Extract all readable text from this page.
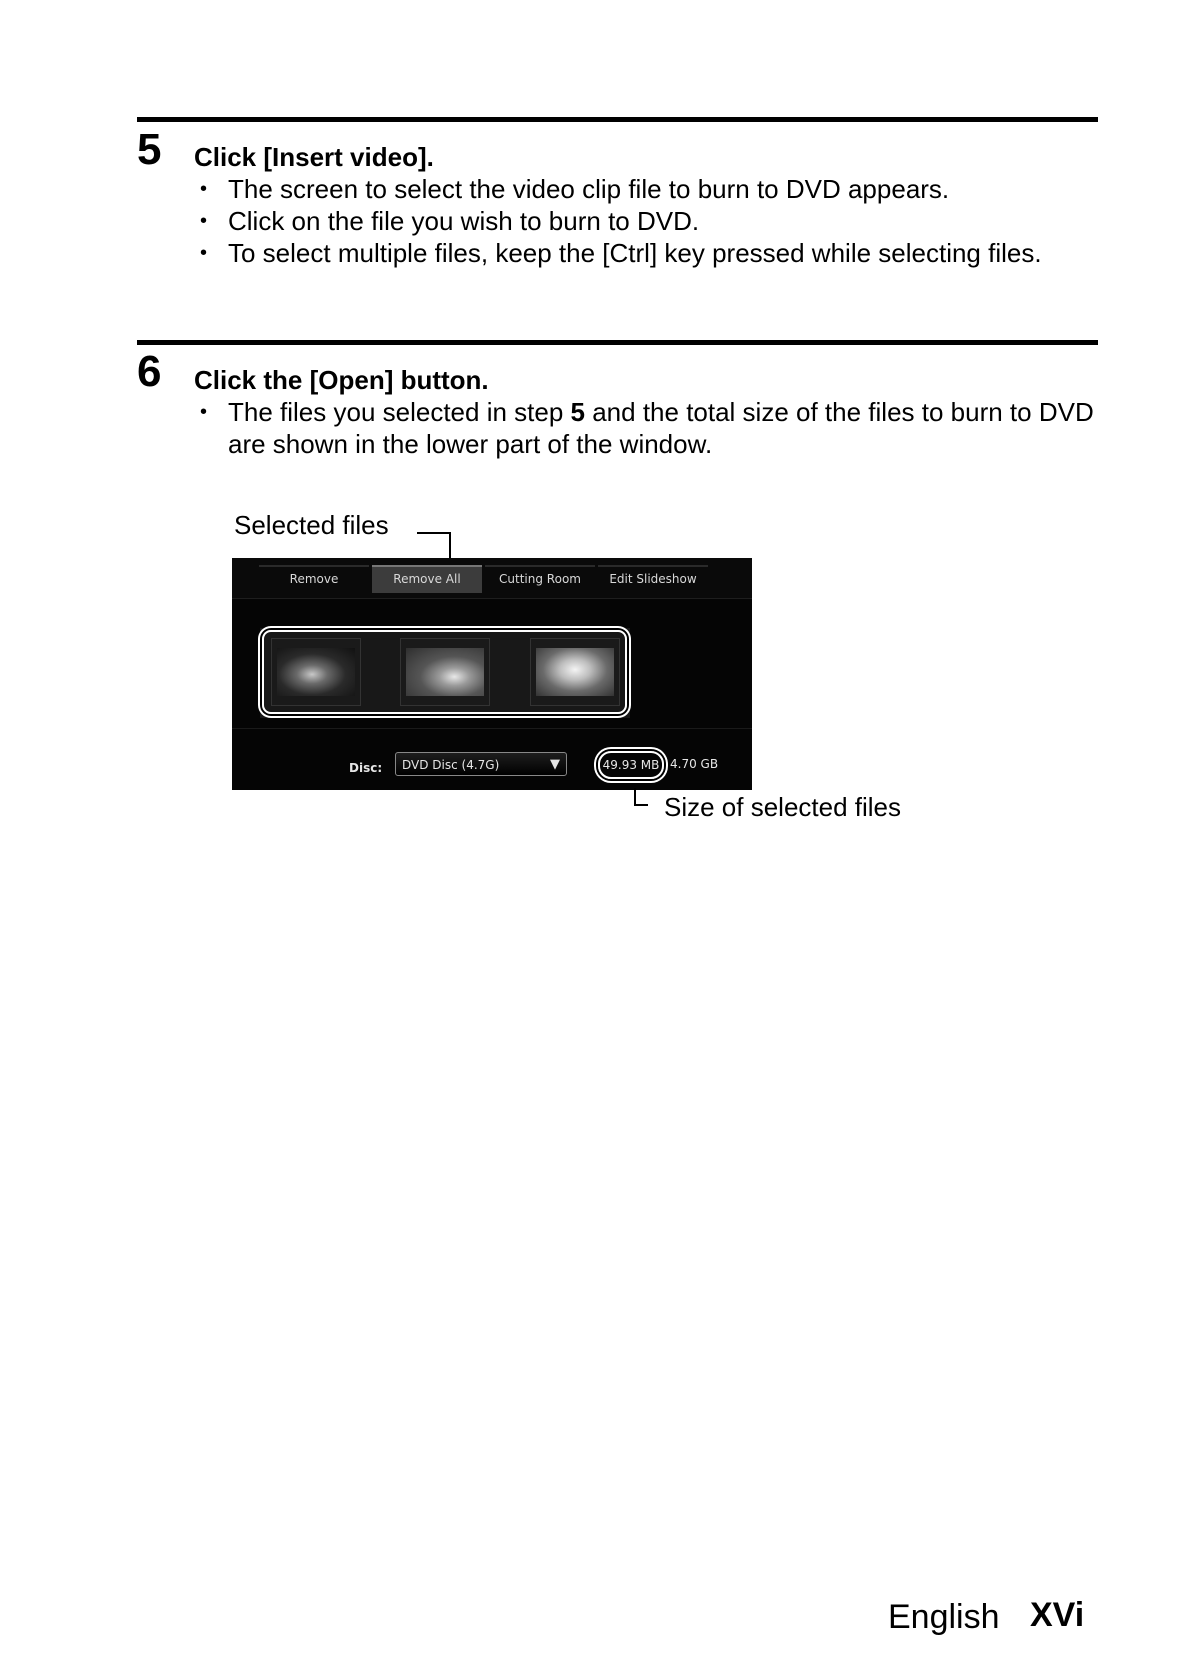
5 Click [Insert video].
• The screen to select the video clip file to burn to DVD appears.
• Click on the file you wish to burn to DVD.
• To select multiple files, keep the [Ctrl] key pressed while selecting files.
6 Click the [Open] button.
• The files you selected in step 5 and the total size of the files to burn to DVD are shown in the lower part of the window.
Selected files
Remove	Remove All	Cutting Room	Edit Slideshow
Disc:	DVD Disc (4.7G)	▼	49.93 MB 4.70 GB
Size of selected files
English XVi
